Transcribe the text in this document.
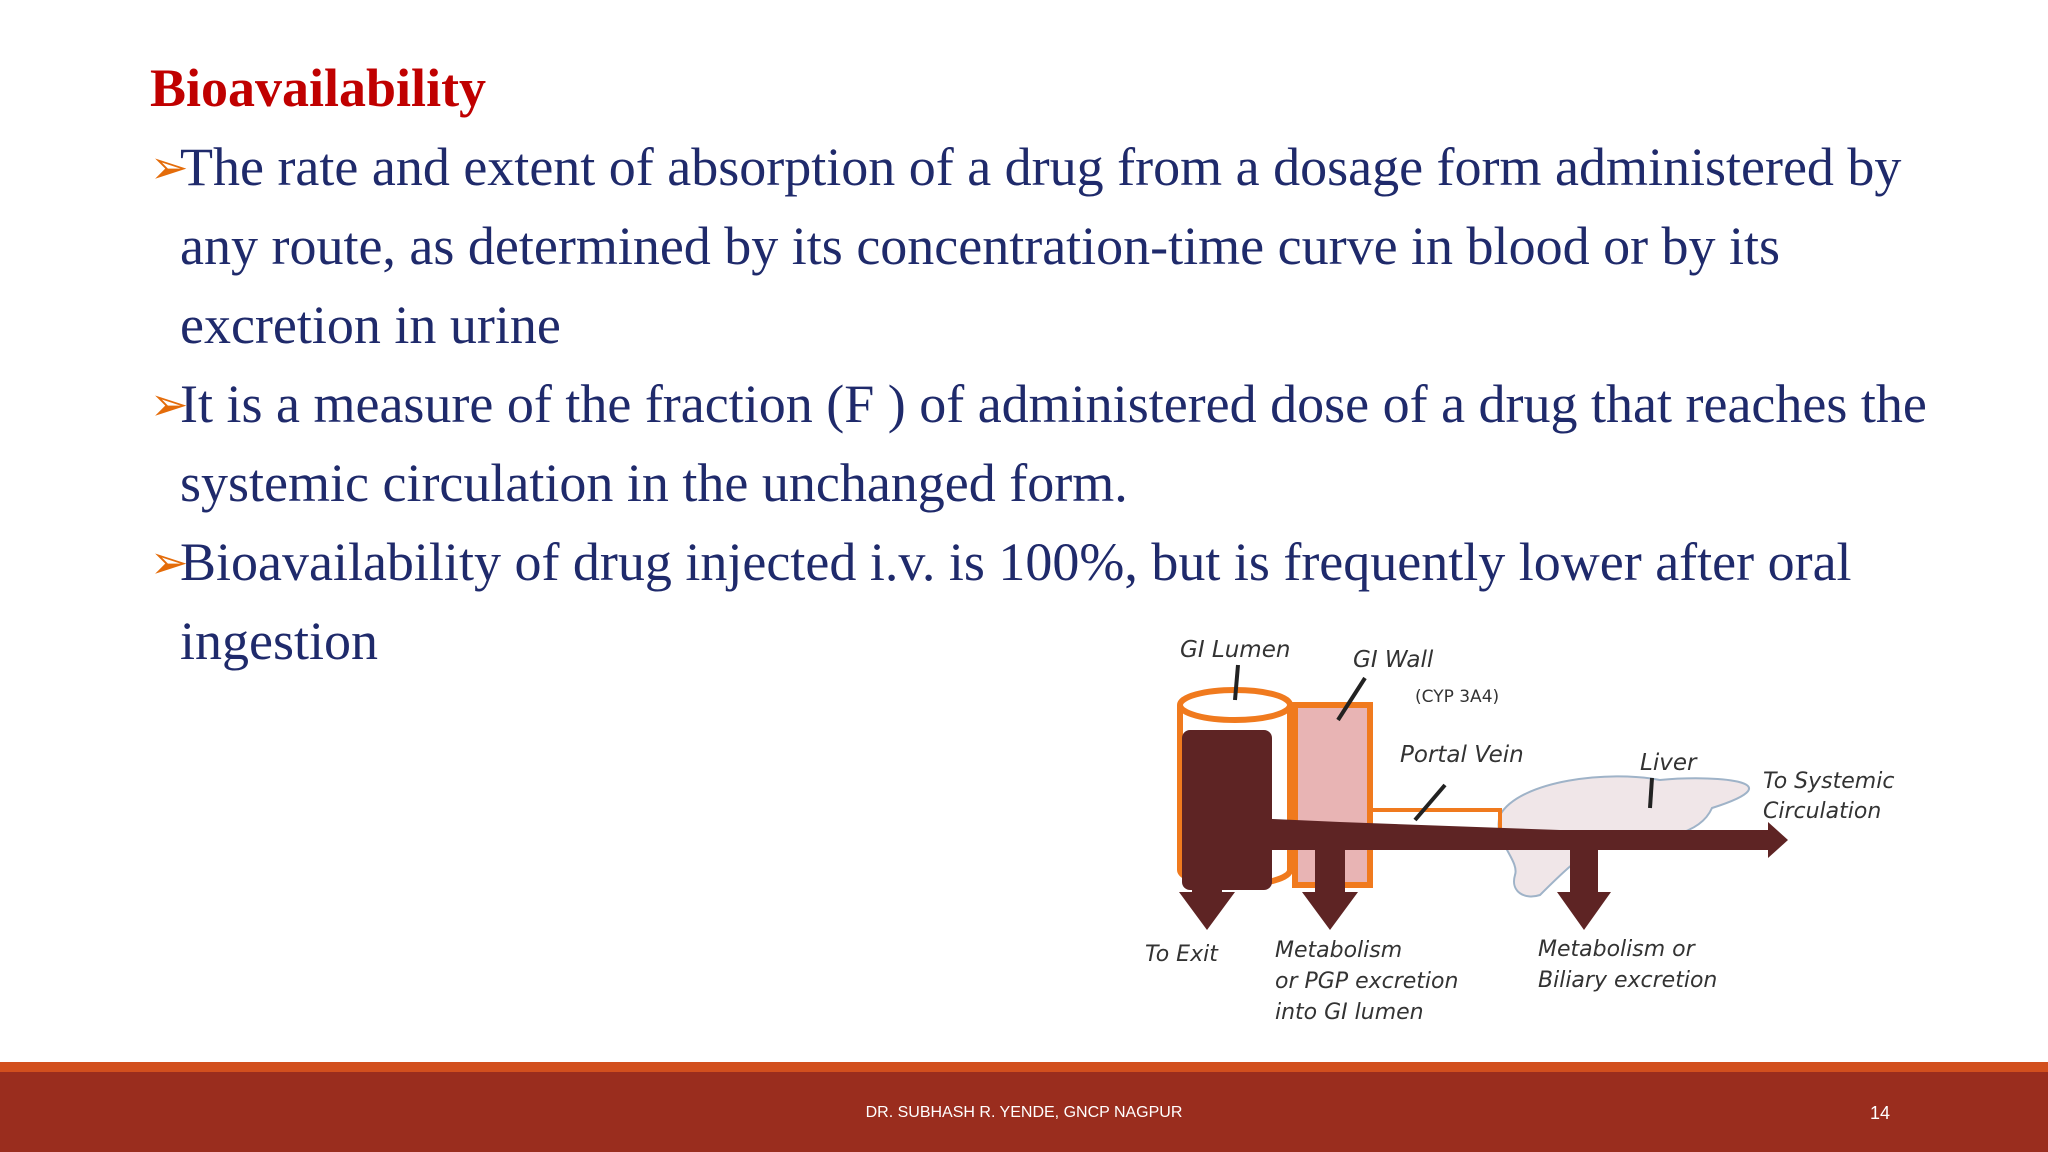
Bioavailability
➢
The rate and extent of absorption of a drug from a dosage form administered by any route, as determined by its concentration-time curve in blood or by its excretion in urine
➢
It is a measure of the fraction (F ) of administered dose of a drug that reaches the systemic circulation in the unchanged form.
➢
Bioavailability of drug injected i.v. is 100%, but is frequently lower after oral ingestion	GI Lumen	GI Wall
(CYP 3A4)
Portal Vein	Liver
To Systemic
Circulation
To Exit	Metabolism
or PGP excretion
into GI lumen
Metabolism or
Biliary excretion
DR. SUBHASH R. YENDE, GNCP NAGPUR	14
